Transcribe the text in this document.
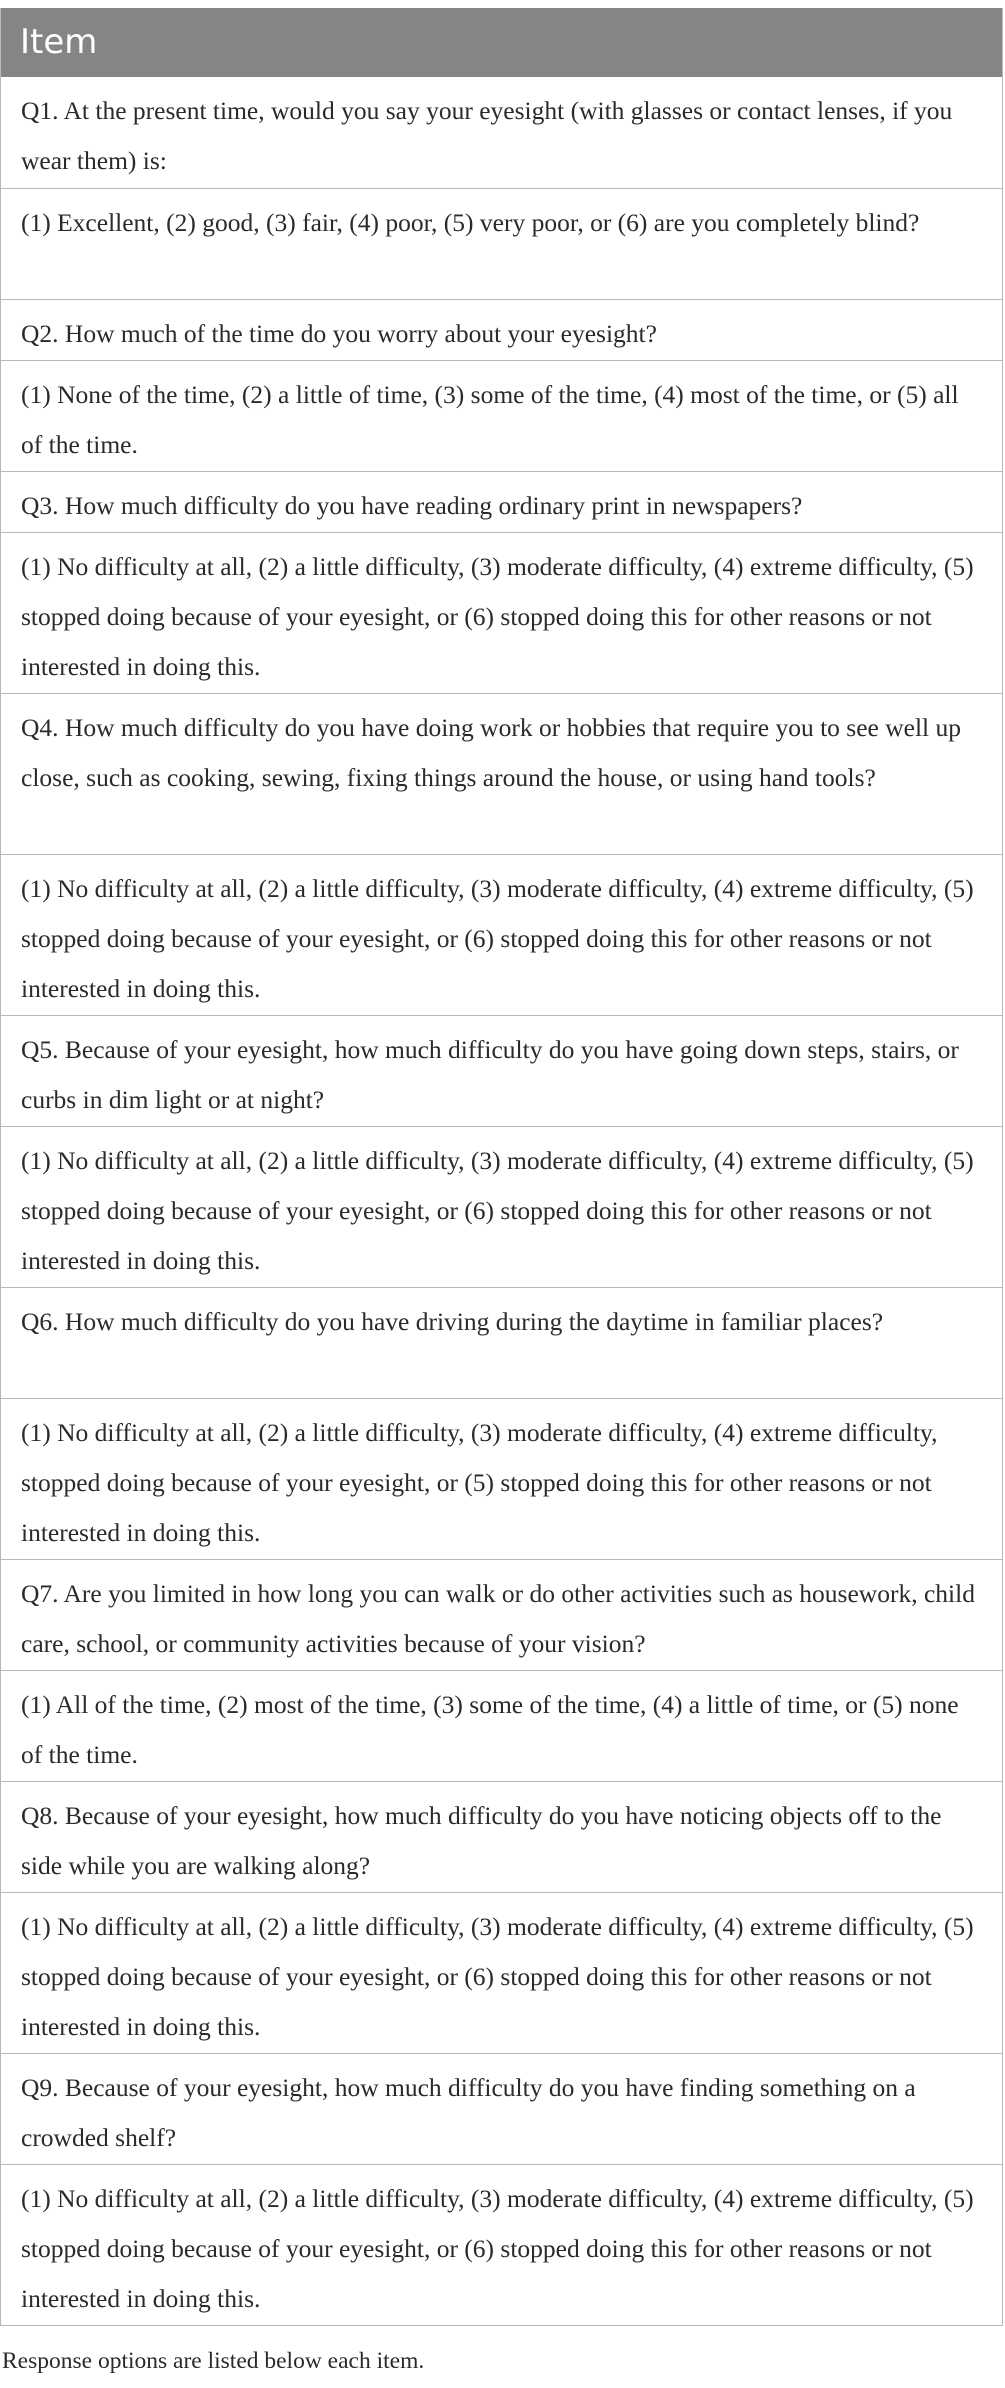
Item
Q1. At the present time, would you say your eyesight (with glasses or contact lenses, if you wear them) is:
(1) Excellent, (2) good, (3) fair, (4) poor, (5) very poor, or (6) are you completely blind?
Q2. How much of the time do you worry about your eyesight?
(1) None of the time, (2) a little of time, (3) some of the time, (4) most of the time, or (5) all of the time.
Q3. How much difficulty do you have reading ordinary print in newspapers?
(1) No difficulty at all, (2) a little difficulty, (3) moderate difficulty, (4) extreme difficulty, (5) stopped doing because of your eyesight, or (6) stopped doing this for other reasons or not interested in doing this.
Q4. How much difficulty do you have doing work or hobbies that require you to see well up close, such as cooking, sewing, fixing things around the house, or using hand tools?
(1) No difficulty at all, (2) a little difficulty, (3) moderate difficulty, (4) extreme difficulty, (5) stopped doing because of your eyesight, or (6) stopped doing this for other reasons or not interested in doing this.
Q5. Because of your eyesight, how much difficulty do you have going down steps, stairs, or curbs in dim light or at night?
(1) No difficulty at all, (2) a little difficulty, (3) moderate difficulty, (4) extreme difficulty, (5) stopped doing because of your eyesight, or (6) stopped doing this for other reasons or not interested in doing this.
Q6. How much difficulty do you have driving during the daytime in familiar places?
(1) No difficulty at all, (2) a little difficulty, (3) moderate difficulty, (4) extreme difficulty, stopped doing because of your eyesight, or (5) stopped doing this for other reasons or not interested in doing this.
Q7. Are you limited in how long you can walk or do other activities such as housework, child care, school, or community activities because of your vision?
(1) All of the time, (2) most of the time, (3) some of the time, (4) a little of time, or (5) none of the time.
Q8. Because of your eyesight, how much difficulty do you have noticing objects off to the side while you are walking along?
(1) No difficulty at all, (2) a little difficulty, (3) moderate difficulty, (4) extreme difficulty, (5) stopped doing because of your eyesight, or (6) stopped doing this for other reasons or not interested in doing this.
Q9. Because of your eyesight, how much difficulty do you have finding something on a crowded shelf?
(1) No difficulty at all, (2) a little difficulty, (3) moderate difficulty, (4) extreme difficulty, (5) stopped doing because of your eyesight, or (6) stopped doing this for other reasons or not interested in doing this.
Response options are listed below each item.
